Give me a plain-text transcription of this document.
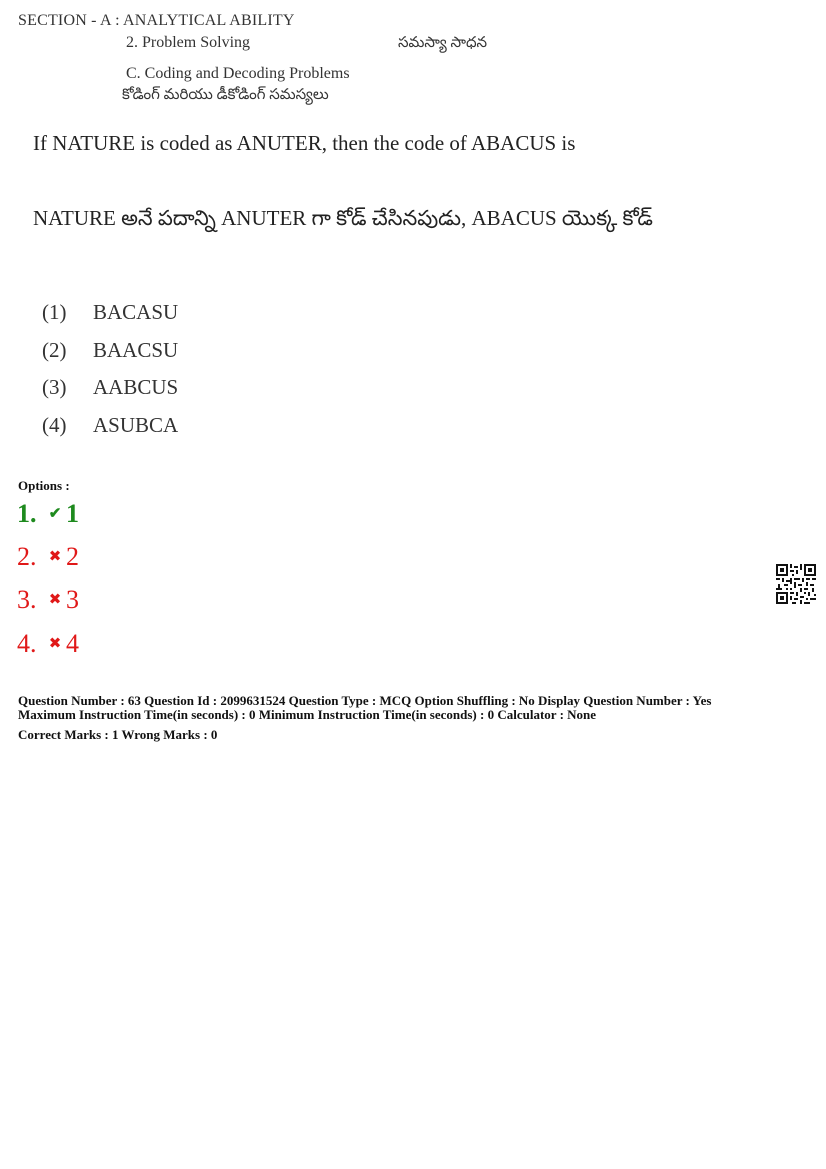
SECTION - A : ANALYTICAL ABILITY
2. Problem Solving	సమస్యా సాధన
C. Coding and Decoding Problems
కోడింగ్ మరియు డీకోడింగ్ సమస్యలు
If NATURE is coded as ANUTER, then the code of ABACUS is
NATURE అనే పదాన్ని ANUTER గా కోడ్ చేసినపుడు, ABACUS యొక్క కోడ్
(1) BACASU
(2) BAACSU
(3) AABCUS
(4) ASUBCA
Options :
1. ✔ 1
2. ✖ 2
3. ✖ 3
4. ✖ 4
Question Number : 63 Question Id : 2099631524 Question Type : MCQ Option Shuffling : No Display Question Number : Yes
Maximum Instruction Time(in seconds) : 0 Minimum Instruction Time(in seconds) : 0 Calculator : None
Correct Marks : 1 Wrong Marks : 0
